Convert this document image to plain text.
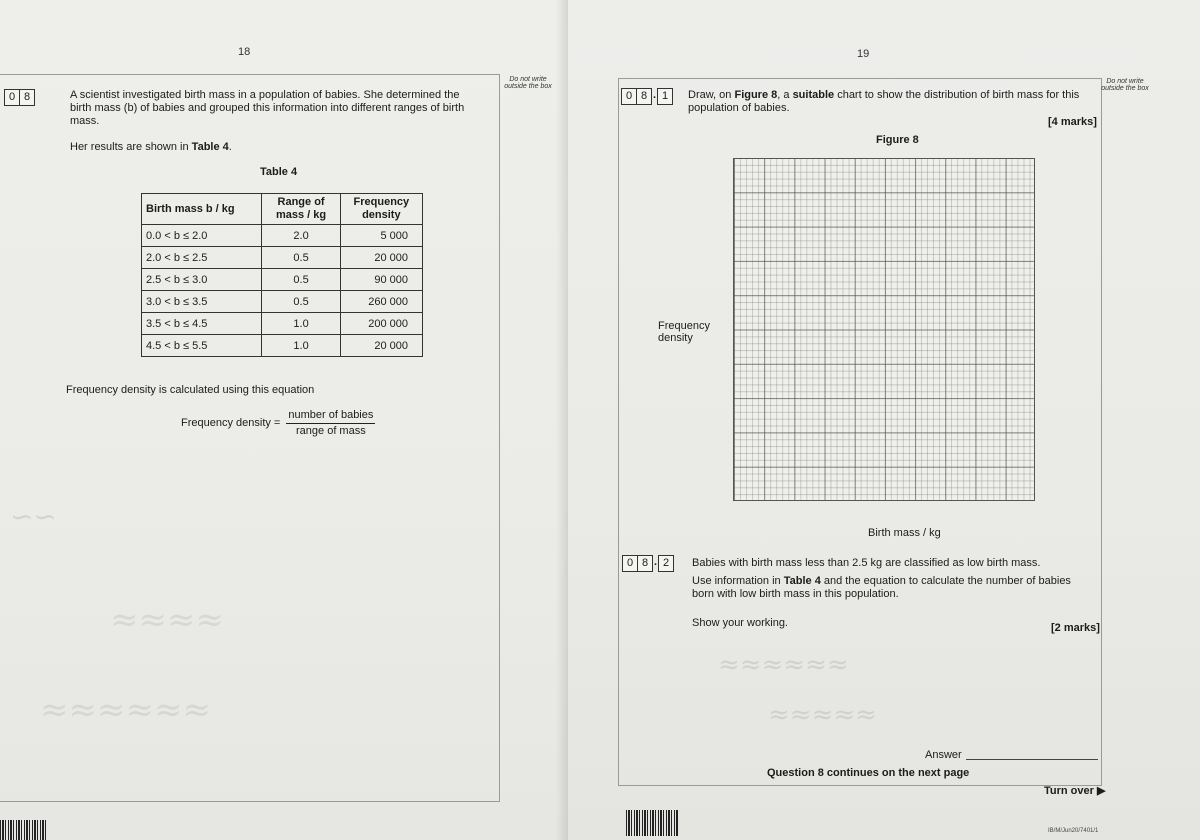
18
Do not write outside the box
0 8	A scientist investigated birth mass in a population of babies. She determined the birth mass (b) of babies and grouped this information into different ranges of birth mass.
Her results are shown in Table 4.
Table 4
Birth mass b / kg	Range of mass / kg	Frequency density
0.0 < b ≤ 2.0	2.0	5 000
2.0 < b ≤ 2.5	0.5	20 000
2.5 < b ≤ 3.0	0.5	90 000
3.0 < b ≤ 3.5	0.5	260 000
3.5 < b ≤ 4.5	1.0	200 000
4.5 < b ≤ 5.5	1.0	20 000
Frequency density is calculated using this equation
Frequency density = $\frac{\text{number of babies}}{\text{range of mass}}$
∽∽
≈≈≈≈
≈≈≈≈≈≈
19
Do not write outside the box
0 8 . 1	Draw, on Figure 8, a suitable chart to show the distribution of birth mass for this population of babies.
[4 marks]
Figure 8
Frequency density
Birth mass / kg
0 8 . 2	Babies with birth mass less than 2.5 kg are classified as low birth mass.
Use information in Table 4 and the equation to calculate the number of babies born with low birth mass in this population.
Show your working.	[2 marks]
Answer
Question 8 continues on the next page
Turn over ▶
≈≈≈≈≈≈
≈≈≈≈≈
IB/M/Jun20/7401/1
